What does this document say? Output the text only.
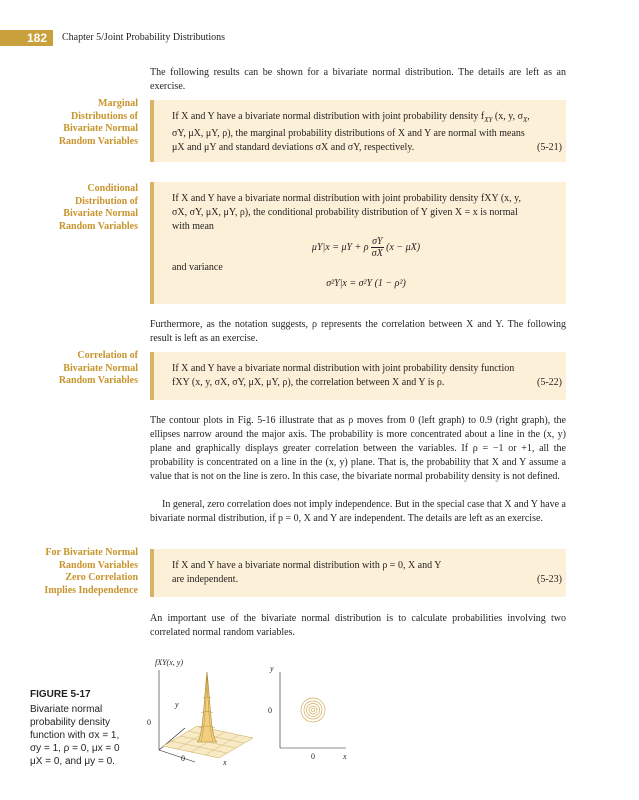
182	Chapter 5/Joint Probability Distributions

The following results can be shown for a bivariate normal distribution. The details are left as an exercise.

Marginal
Distributions of
Bivariate Normal
Random Variables
If X and Y have a bivariate normal distribution with joint probability density $f_{XY}$ (x, y, $\sigma_X$,
σY, μX, μY, ρ), the marginal probability distributions of X and Y are normal with means
μX and μY and standard deviations σX and σY, respectively.	(5-21)
Conditional
Distribution of
Bivariate Normal
Random Variables
If X and Y have a bivariate normal distribution with joint probability density fXY (x, y,
σX, σY, μX, μY, ρ), the conditional probability distribution of Y given X = x is normal
with mean
μY|x = μY + ρ $\frac{\sigma Y}{\sigma X} (x - \mu X)$
and variance
σ²Y|x = σ²Y (1 − ρ²)

Furthermore, as the notation suggests, ρ represents the correlation between X and Y. The following result is left as an exercise.

Correlation of
Bivariate Normal
Random Variables
If X and Y have a bivariate normal distribution with joint probability density function
fXY (x, y, σX, σY, μX, μY, ρ), the correlation between X and Y is ρ.	(5-22)

The contour plots in Fig. 5-16 illustrate that as ρ moves from 0 (left graph) to 0.9 (right graph), the ellipses narrow around the major axis. The probability is more concentrated about a line in the (x, y) plane and graphically displays greater correlation between the variables. If ρ = −1 or +1, all the probability is concentrated on a line in the (x, y) plane. That is, the probability that X and Y assume a value that is not on the line is zero. In this case, the bivariate normal probability density is not defined.

In general, zero correlation does not imply independence. But in the special case that X and Y have a bivariate normal distribution, if p = 0, X and Y are independent. The details are left as an exercise.

For Bivariate Normal
Random Variables
Zero Correlation
Implies Independence
If X and Y have a bivariate normal distribution with ρ = 0, X and Y
are independent.	(5-23)

An important use of the bivariate normal distribution is to calculate probabilities involving two correlated normal random variables.

FIGURE 5-17
Bivariate normal
probability density
function with σx = 1,
σy = 1, ρ = 0, μx = 0
μX = 0, and μy = 0.
fXY(x, y)
y
0
0	x
y
0
0	x
